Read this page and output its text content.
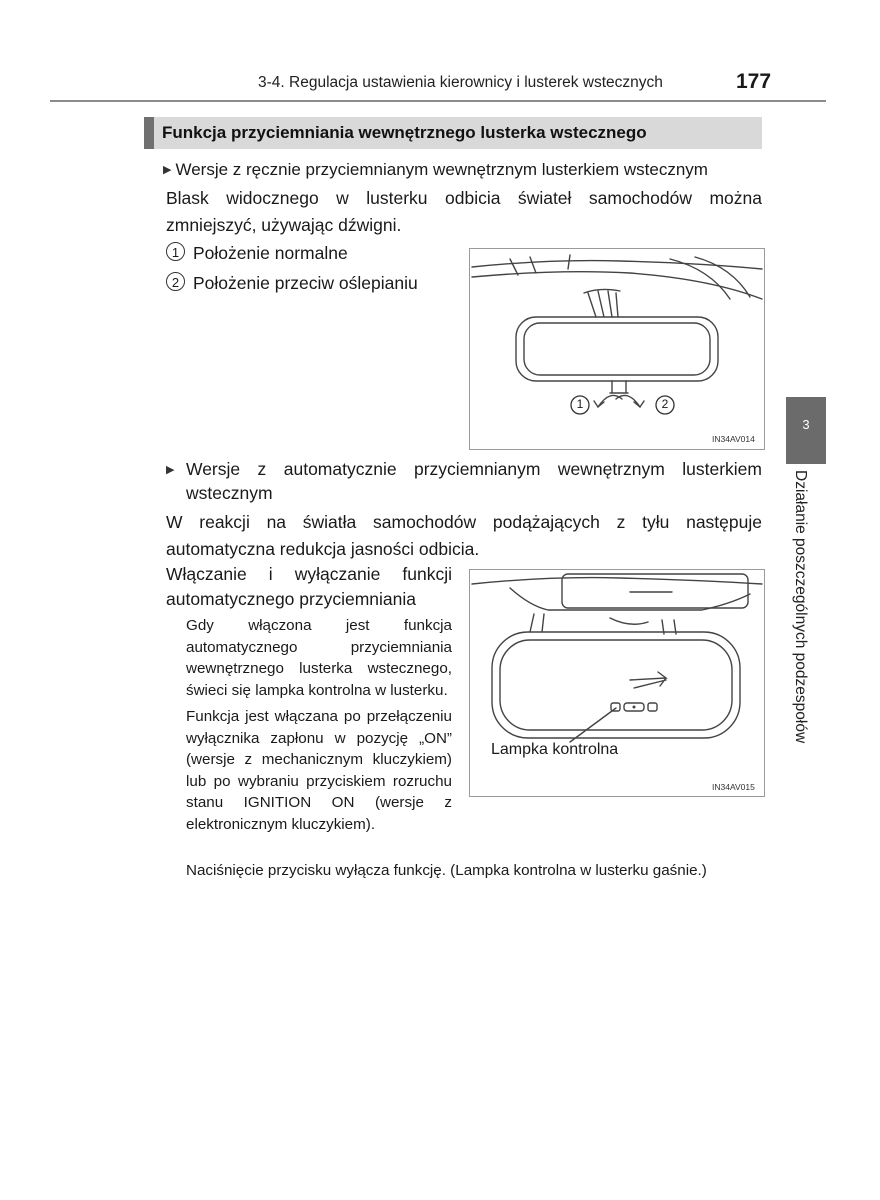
3-4. Regulacja ustawienia kierownicy i lusterek wstecznych	177
Funkcja przyciemniania wewnętrznego lusterka wstecznego
▶ Wersje z ręcznie przyciemnianym wewnętrznym lusterkiem wstecznym
Blask widocznego w lusterku odbicia świateł samochodów można zmniejszyć, używając dźwigni.
1 Położenie normalne
2 Położenie przeciw oślepianiu
1	2
IN34AV014
▶ Wersje z automatycznie przyciemnianym wewnętrznym lusterkiem wstecznym
W reakcji na światła samochodów podążających z tyłu następuje automatyczna redukcja jasności odbicia.
Włączanie i wyłączanie funkcji automatycznego przyciemniania
Gdy włączona jest funkcja automatycznego przyciemniania wewnętrznego lusterka wstecznego, świeci się lampka kontrolna w lusterku.
Funkcja jest włączana po przełączeniu wyłącznika zapłonu w pozycję „ON” (wersje z mechanicznym kluczykiem) lub po wybraniu przyciskiem rozruchu stanu IGNITION ON (wersje z elektronicznym kluczykiem).
Naciśnięcie przycisku wyłącza funkcję. (Lampka kontrolna w lusterku gaśnie.)
Lampka kontrolna
IN34AV015
3
Działanie poszczególnych podzespołów
